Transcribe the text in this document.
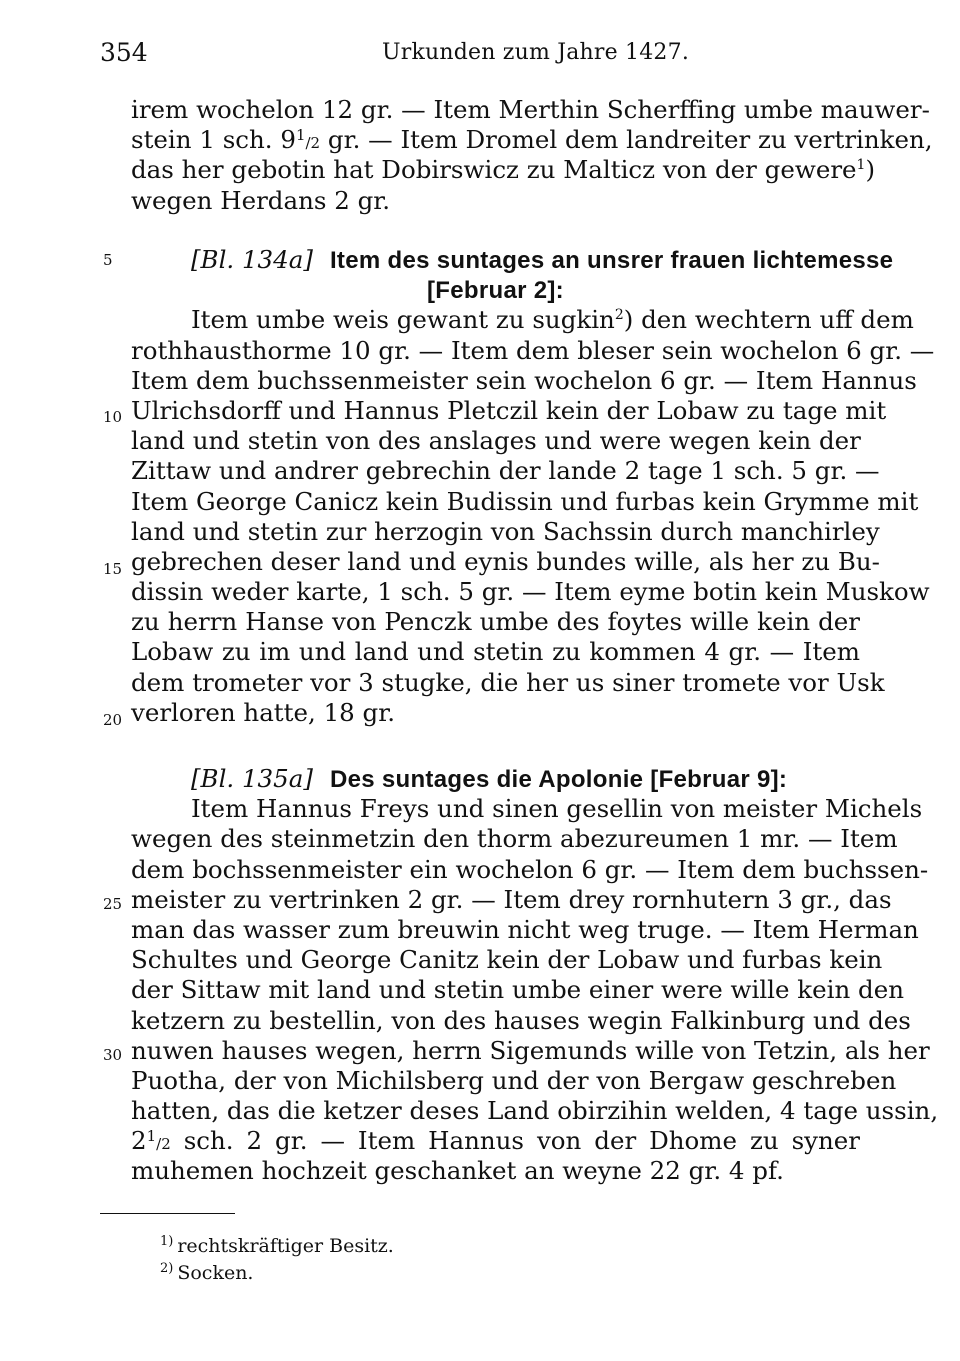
354	Urkunden zum Jahre 1427.
irem wochelon 12 gr. — Item Merthin Scherffing umbe mauwer-
stein 1 sch. $9^1/2$ gr. — Item Dromel dem landreiter zu vertrinken,
das her gebotin hat Dobirswicz zu Malticz von der gewere$^1$)
wegen Herdans 2 gr.
[Bl. 134a] Item des suntages an unsrer frauen lichtemesse
[Februar 2]:
Item umbe weis gewant zu sugkin$^2$) den wechtern uff dem
rothhausthorme 10 gr. — Item dem bleser sein wochelon 6 gr. —
Item dem buchssenmeister sein wochelon 6 gr. — Item Hannus
Ulrichsdorff und Hannus Pletczil kein der Lobaw zu tage mit
land und stetin von des anslages und were wegen kein der
Zittaw und andrer gebrechin der lande 2 tage 1 sch. 5 gr. —
Item George Canicz kein Budissin und furbas kein Grymme mit
land und stetin zur herzogin von Sachssin durch manchirley
gebrechen deser land und eynis bundes wille, als her zu Bu-
dissin weder karte, 1 sch. 5 gr. — Item eyme botin kein Muskow
zu herrn Hanse von Penczk umbe des foytes wille kein der
Lobaw zu im und land und stetin zu kommen 4 gr. — Item
dem trometer vor 3 stugke, die her us siner tromete vor Usk
verloren hatte, 18 gr.
[Bl. 135a] Des suntages die Apolonie [Februar 9]:
Item Hannus Freys und sinen gesellin von meister Michels
wegen des steinmetzin den thorm abezureumen 1 mr. — Item
dem bochssenmeister ein wochelon 6 gr. — Item dem buchssen-
meister zu vertrinken 2 gr. — Item drey rornhutern 3 gr., das
man das wasser zum breuwin nicht weg truge. — Item Herman
Schultes und George Canitz kein der Lobaw und furbas kein
der Sittaw mit land und stetin umbe einer were wille kein den
ketzern zu bestellin, von des hauses wegin Falkinburg und des
nuwen hauses wegen, herrn Sigemunds wille von Tetzin, als her
Puotha, der von Michilsberg und der von Bergaw geschreben
hatten, das die ketzer deses Land obirzihin welden, 4 tage ussin,
$2^1/2$ sch. 2 gr. — Item Hannus von der Dhome zu syner
muhemen hochzeit geschanket an weyne 22 gr. 4 pf.
5
10
15
20
25
30
$^{1)}$ rechtskräftiger Besitz.
$^{2)}$ Socken.
